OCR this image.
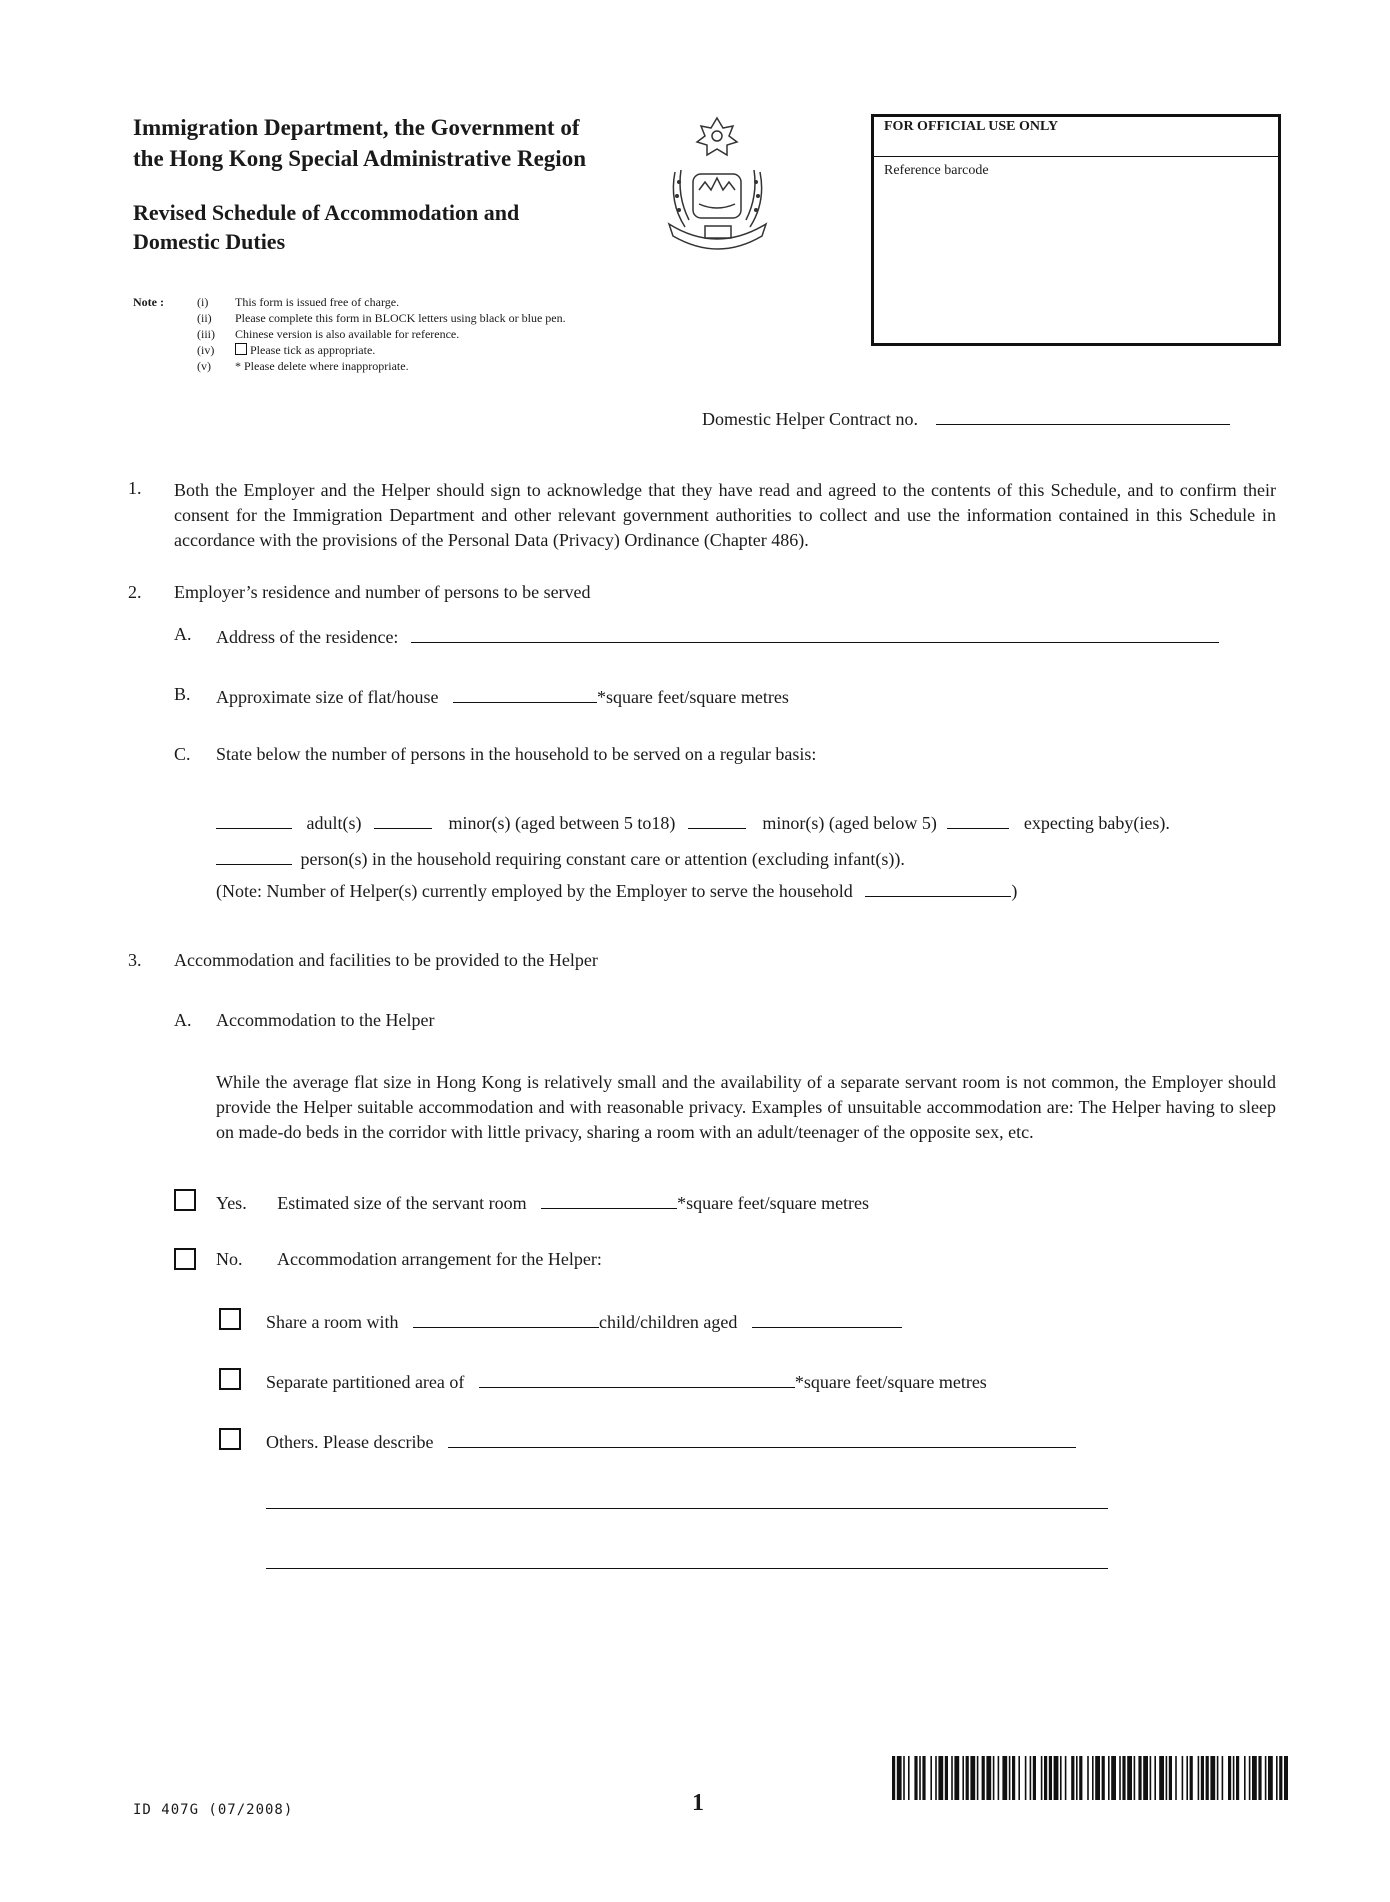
Immigration Department, the Government of
the Hong Kong Special Administrative Region
Revised Schedule of Accommodation and
Domestic Duties
FOR OFFICIAL USE ONLY
Reference barcode
Note :	(i) This form is issued free of charge.
(ii) Please complete this form in BLOCK letters using black or blue pen.
(iii) Chinese version is also available for reference.
(iv)	Please tick as appropriate.
(v) * Please delete where inappropriate.
Domestic Helper Contract no.
1. Both the Employer and the Helper should sign to acknowledge that they have read and agreed to the contents of this Schedule, and to confirm their consent for the Immigration Department and other relevant government authorities to collect and use the information contained in this Schedule in accordance with the provisions of the Personal Data (Privacy) Ordinance (Chapter 486).
2. Employer’s residence and number of persons to be served
A. Address of the residence:
B. Approximate size of flat/house	*square feet/square metres
C. State below the number of persons in the household to be served on a regular basis:
adult(s)	minor(s) (aged between 5 to18)	minor(s) (aged below 5)	expecting baby(ies).
person(s) in the household requiring constant care or attention (excluding infant(s)).
(Note: Number of Helper(s) currently employed by the Employer to serve the household	)
3. Accommodation and facilities to be provided to the Helper
A. Accommodation to the Helper
While the average flat size in Hong Kong is relatively small and the availability of a separate servant room is not common, the Employer should provide the Helper suitable accommodation and with reasonable privacy. Examples of unsuitable accommodation are: The Helper having to sleep on made-do beds in the corridor with little privacy, sharing a room with an adult/teenager of the opposite sex, etc.
Yes. Estimated size of the servant room	*square feet/square metres
No. Accommodation arrangement for the Helper:
Share a room with	child/children aged
Separate partitioned area of	*square feet/square metres
Others. Please describe
ID 407G (07/2008)	1
